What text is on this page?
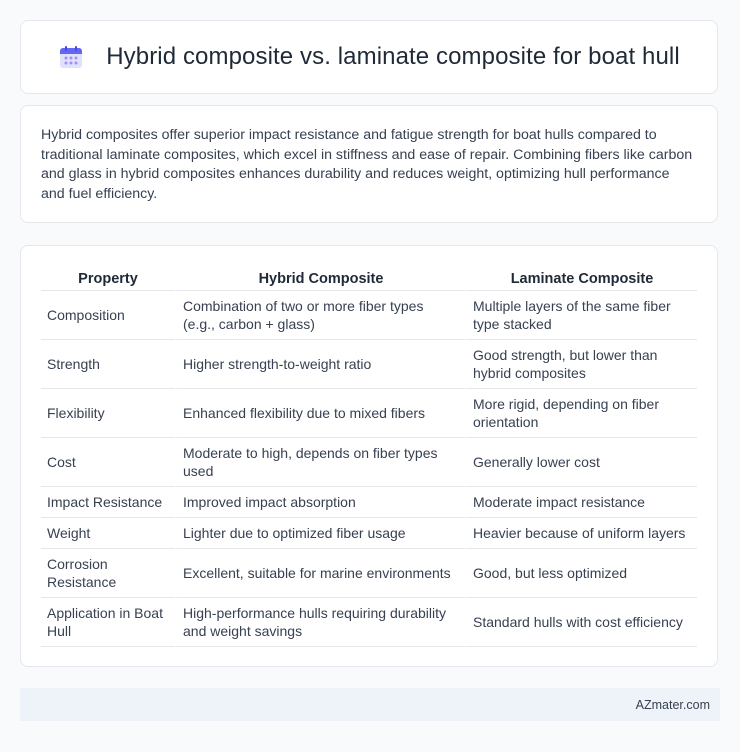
Hybrid composite vs. laminate composite for boat hull

Hybrid composites offer superior impact resistance and fatigue strength for boat hulls compared to traditional laminate composites, which excel in stiffness and ease of repair. Combining fibers like carbon and glass in hybrid composites enhances durability and reduces weight, optimizing hull performance and fuel efficiency.

Property	Hybrid Composite	Laminate Composite
Composition	Combination of two or more fiber types (e.g., carbon + glass)	Multiple layers of the same fiber type stacked
Strength	Higher strength-to-weight ratio	Good strength, but lower than hybrid composites
Flexibility	Enhanced flexibility due to mixed fibers	More rigid, depending on fiber orientation
Cost	Moderate to high, depends on fiber types used	Generally lower cost
Impact Resistance	Improved impact absorption	Moderate impact resistance
Weight	Lighter due to optimized fiber usage	Heavier because of uniform layers
Corrosion Resistance	Excellent, suitable for marine environments	Good, but less optimized
Application in Boat Hull	High-performance hulls requiring durability and weight savings	Standard hulls with cost efficiency
AZmater.com
